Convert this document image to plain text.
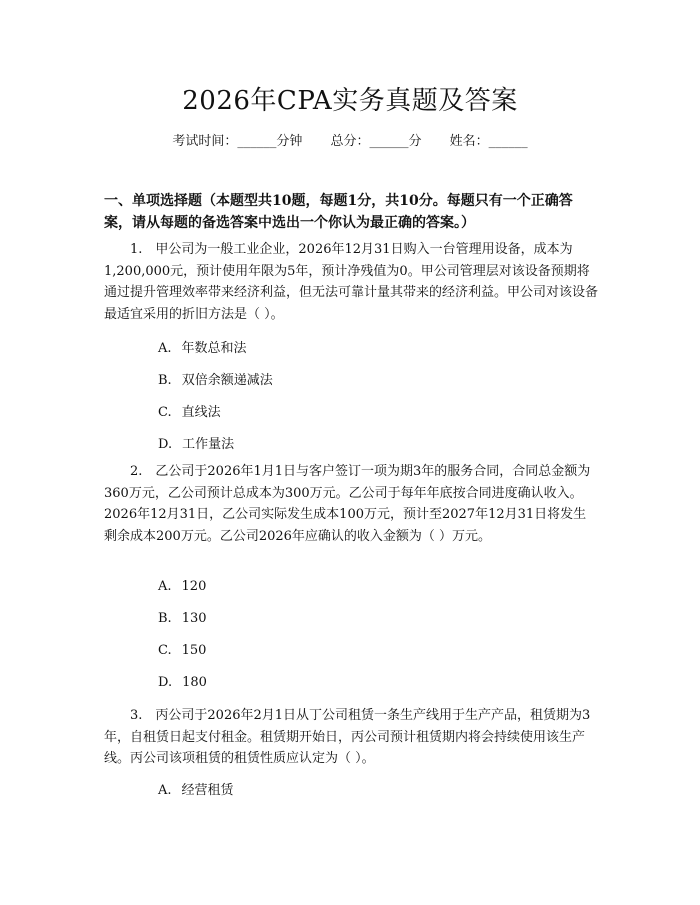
2026年CPA实务真题及答案
考试时间：______分钟 总分：______分 姓名：______
一、单项选择题（本题型共10题，每题1分，共10分。每题只有一个正确答案，请从每题的备选答案中选出一个你认为最正确的答案。）
1.　甲公司为一般工业企业，2026年12月31日购入一台管理用设备，成本为1,200,000元，预计使用年限为5年，预计净残值为0。甲公司管理层对该设备预期将通过提升管理效率带来经济利益，但无法可靠计量其带来的经济利益。甲公司对该设备最适宜采用的折旧方法是（ ）。
A. 年数总和法
B. 双倍余额递减法
C. 直线法
D. 工作量法
2.　乙公司于2026年1月1日与客户签订一项为期3年的服务合同，合同总金额为360万元，乙公司预计总成本为300万元。乙公司于每年年底按合同进度确认收入。2026年12月31日，乙公司实际发生成本100万元，预计至2027年12月31日将发生剩余成本200万元。乙公司2026年应确认的收入金额为（ ）万元。
A. 120
B. 130
C. 150
D. 180
3.　丙公司于2026年2月1日从丁公司租赁一条生产线用于生产产品，租赁期为3年，自租赁日起支付租金。租赁期开始日，丙公司预计租赁期内将会持续使用该生产线。丙公司该项租赁的租赁性质应认定为（ ）。
A. 经营租赁
